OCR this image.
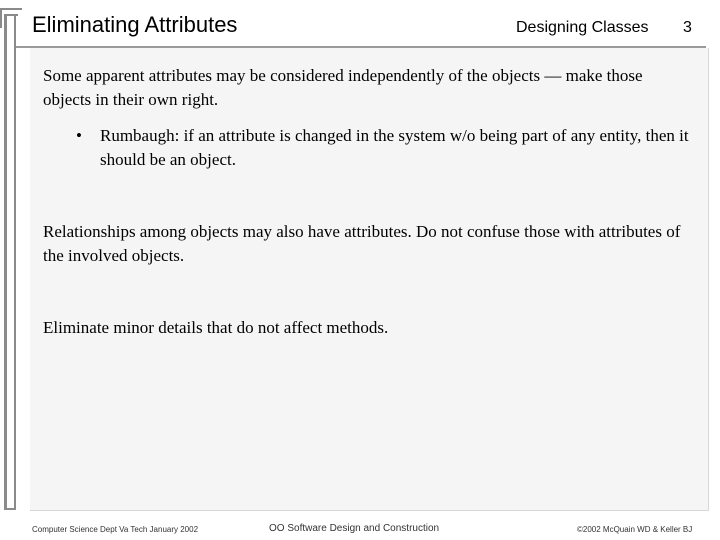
Eliminating Attributes	Designing Classes 3
Some apparent attributes may be considered independently of the objects — make those objects in their own right.
•	Rumbaugh: if an attribute is changed in the system w/o being part of any entity, then it should be an object.
Relationships among objects may also have attributes. Do not confuse those with attributes of the involved objects.
Eliminate minor details that do not affect methods.
Computer Science Dept Va Tech January 2002	OO Software Design and Construction	©2002 McQuain WD & Keller BJ
